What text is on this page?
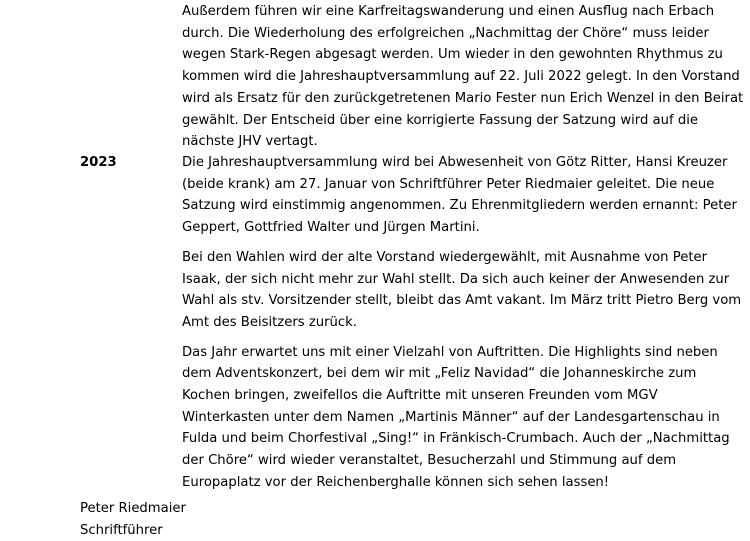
Außerdem führen wir eine Karfreitagswanderung und einen Ausflug nach Erbach durch. Die Wiederholung des erfolgreichen „Nachmittag der Chöre“ muss leider wegen Stark-Regen abgesagt werden. Um wieder in den gewohnten Rhythmus zu kommen wird die Jahreshauptversammlung auf 22. Juli 2022 gelegt. In den Vorstand wird als Ersatz für den zurückgetretenen Mario Fester nun Erich Wenzel in den Beirat gewählt. Der Entscheid über eine korrigierte Fassung der Satzung wird auf die nächste JHV vertagt.

2023	Die Jahreshauptversammlung wird bei Abwesenheit von Götz Ritter, Hansi Kreuzer (beide krank) am 27. Januar von Schriftführer Peter Riedmaier geleitet. Die neue Satzung wird einstimmig angenommen. Zu Ehrenmitgliedern werden ernannt: Peter Geppert, Gottfried Walter und Jürgen Martini.

Bei den Wahlen wird der alte Vorstand wiedergewählt, mit Ausnahme von Peter Isaak, der sich nicht mehr zur Wahl stellt. Da sich auch keiner der Anwesenden zur Wahl als stv. Vorsitzender stellt, bleibt das Amt vakant. Im März tritt Pietro Berg vom Amt des Beisitzers zurück.

Das Jahr erwartet uns mit einer Vielzahl von Auftritten. Die Highlights sind neben dem Adventskonzert, bei dem wir mit „Feliz Navidad“ die Johanneskirche zum Kochen bringen, zweifellos die Auftritte mit unseren Freunden vom MGV Winterkasten unter dem Namen „Martinis Männer“ auf der Landesgartenschau in Fulda und beim Chorfestival „Sing!“ in Fränkisch-Crumbach. Auch der „Nachmittag der Chöre“ wird wieder veranstaltet, Besucherzahl und Stimmung auf dem Europaplatz vor der Reichenberghalle können sich sehen lassen!

Peter Riedmaier
Schriftführer
